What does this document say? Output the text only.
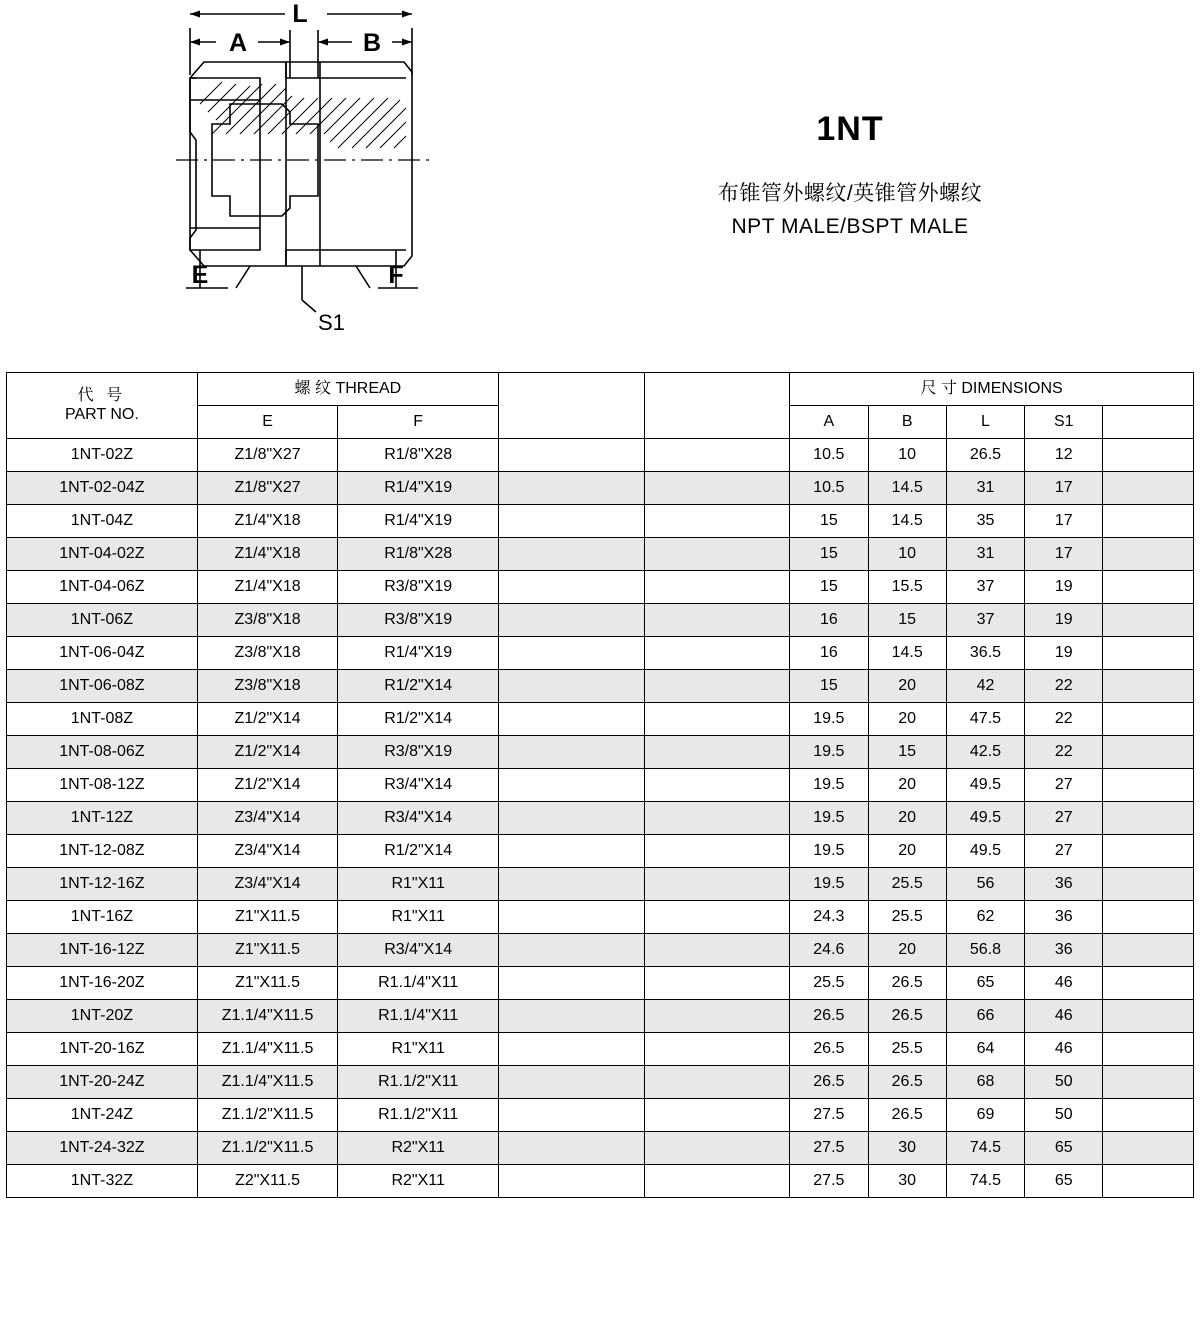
L
A	B
E	F
S1
1NT
布锥管外螺纹/英锥管外螺纹
NPT MALE/BSPT MALE
代 号
PART NO.	螺 纹 THREAD				尺 寸 DIMENSIONS				
	E	F			A	B	L	S1	
1NT-02Z	Z1/8"X27	R1/8"X28			10.5	10	26.5	12	
1NT-02-04Z	Z1/8"X27	R1/4"X19			10.5	14.5	31	17	
1NT-04Z	Z1/4"X18	R1/4"X19			15	14.5	35	17	
1NT-04-02Z	Z1/4"X18	R1/8"X28			15	10	31	17	
1NT-04-06Z	Z1/4"X18	R3/8"X19			15	15.5	37	19	
1NT-06Z	Z3/8"X18	R3/8"X19			16	15	37	19	
1NT-06-04Z	Z3/8"X18	R1/4"X19			16	14.5	36.5	19	
1NT-06-08Z	Z3/8"X18	R1/2"X14			15	20	42	22	
1NT-08Z	Z1/2"X14	R1/2"X14			19.5	20	47.5	22	
1NT-08-06Z	Z1/2"X14	R3/8"X19			19.5	15	42.5	22	
1NT-08-12Z	Z1/2"X14	R3/4"X14			19.5	20	49.5	27	
1NT-12Z	Z3/4"X14	R3/4"X14			19.5	20	49.5	27	
1NT-12-08Z	Z3/4"X14	R1/2"X14			19.5	20	49.5	27	
1NT-12-16Z	Z3/4"X14	R1"X11			19.5	25.5	56	36	
1NT-16Z	Z1"X11.5	R1"X11			24.3	25.5	62	36	
1NT-16-12Z	Z1"X11.5	R3/4"X14			24.6	20	56.8	36	
1NT-16-20Z	Z1"X11.5	R1.1/4"X11			25.5	26.5	65	46	
1NT-20Z	Z1.1/4"X11.5	R1.1/4"X11			26.5	26.5	66	46	
1NT-20-16Z	Z1.1/4"X11.5	R1"X11			26.5	25.5	64	46	
1NT-20-24Z	Z1.1/4"X11.5	R1.1/2"X11			26.5	26.5	68	50	
1NT-24Z	Z1.1/2"X11.5	R1.1/2"X11			27.5	26.5	69	50	
1NT-24-32Z	Z1.1/2"X11.5	R2"X11			27.5	30	74.5	65	
1NT-32Z	Z2"X11.5	R2"X11			27.5	30	74.5	65	
